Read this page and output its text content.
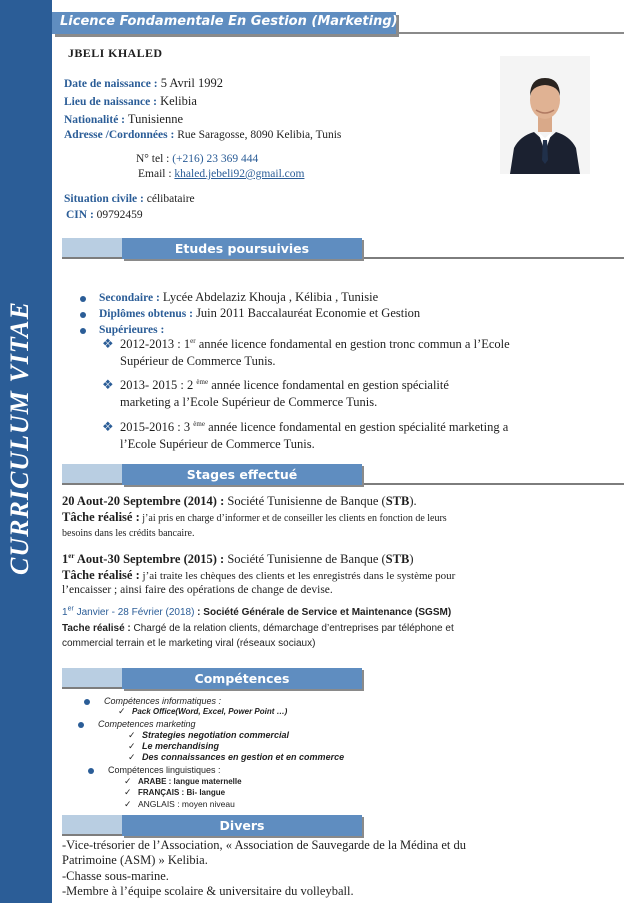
CURRICULUM VITAE
Licence Fondamentale En Gestion (Marketing)
JBELI KHALED
Date de naissance : 5 Avril 1992
Lieu de naissance : Kelibia
Nationalité : Tunisienne
Adresse /Cordonnées : Rue Saragosse, 8090 Kelibia, Tunis
N° tel : (+216) 23 369 444
Email : khaled.jebeli92@gmail.com
Situation civile : célibataire
CIN : 09792459
Etudes poursuivies
Secondaire : Lycée Abdelaziz Khouja , Kélibia , Tunisie
Diplômes obtenus : Juin 2011 Baccalauréat Economie et Gestion
Supérieures :
❖ 2012-2013 : 1er année licence fondamental en gestion tronc commun a l’Ecole Supérieur de Commerce Tunis.
❖ 2013- 2015 : 2 $^{ème}$ année licence fondamental en gestion spécialité marketing a l’Ecole Supérieur de Commerce Tunis.
❖ 2015-2016 : 3 $^{ème}$ année licence fondamental en gestion spécialité marketing a l’Ecole Supérieur de Commerce Tunis.
Stages effectué
20 Aout-20 Septembre (2014) : Société Tunisienne de Banque (STB).
Tâche réalisé : j’ai pris en charge d’informer et de conseiller les clients en fonction de leurs
besoins dans les crédits bancaire.
1er Aout-30 Septembre (2015) : Société Tunisienne de Banque (STB)
Tâche réalisé : j’ai traite les chèques des clients et les enregistrés dans le système pour
l’encaisser ; ainsi faire des opérations de change de devise.
1er Janvier - 28 Février (2018) : Société Générale de Service et Maintenance (SGSM)
Tache réalisé : Chargé de la relation clients, démarchage d’entreprises par téléphone et
commercial terrain et le marketing viral (réseaux sociaux)
Compétences
Compétences informatiques :
✓ Pack Office(Word, Excel, Power Point …)
Competences marketing
✓ Strategies negotiation commercial
✓ Le merchandising
✓ Des connaissances en gestion et en commerce
Compétences linguistiques :
✓ ARABE : langue maternelle
✓ FRANÇAIS : Bi- langue
✓ ANGLAIS : moyen niveau
Divers
-Vice-trésorier de l’Association, « Association de Sauvegarde de la Médina et du
Patrimoine (ASM) » Kelibia.
-Chasse sous-marine.
-Membre à l’équipe scolaire & universitaire du volleyball.
